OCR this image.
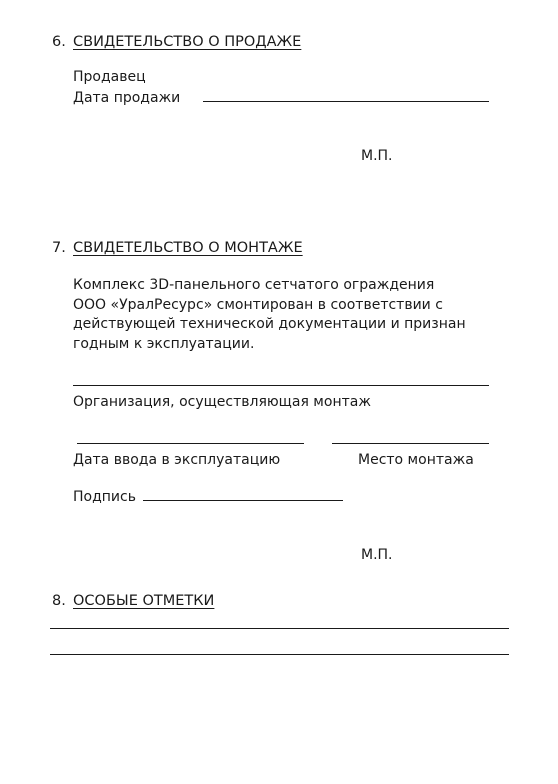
6. СВИДЕТЕЛЬСТВО О ПРОДАЖЕ
Продавец
Дата продажи
М.П.
7. СВИДЕТЕЛЬСТВО О МОНТАЖЕ
Комплекс 3D-панельного сетчатого ограждения
ООО «УралРесурс» смонтирован в соответствии с
действующей технической документации и признан
годным к эксплуатации.
Организация, осуществляющая монтаж
Дата ввода в эксплуатацию	Место монтажа
Подпись
М.П.
8. ОСОБЫЕ ОТМЕТКИ
